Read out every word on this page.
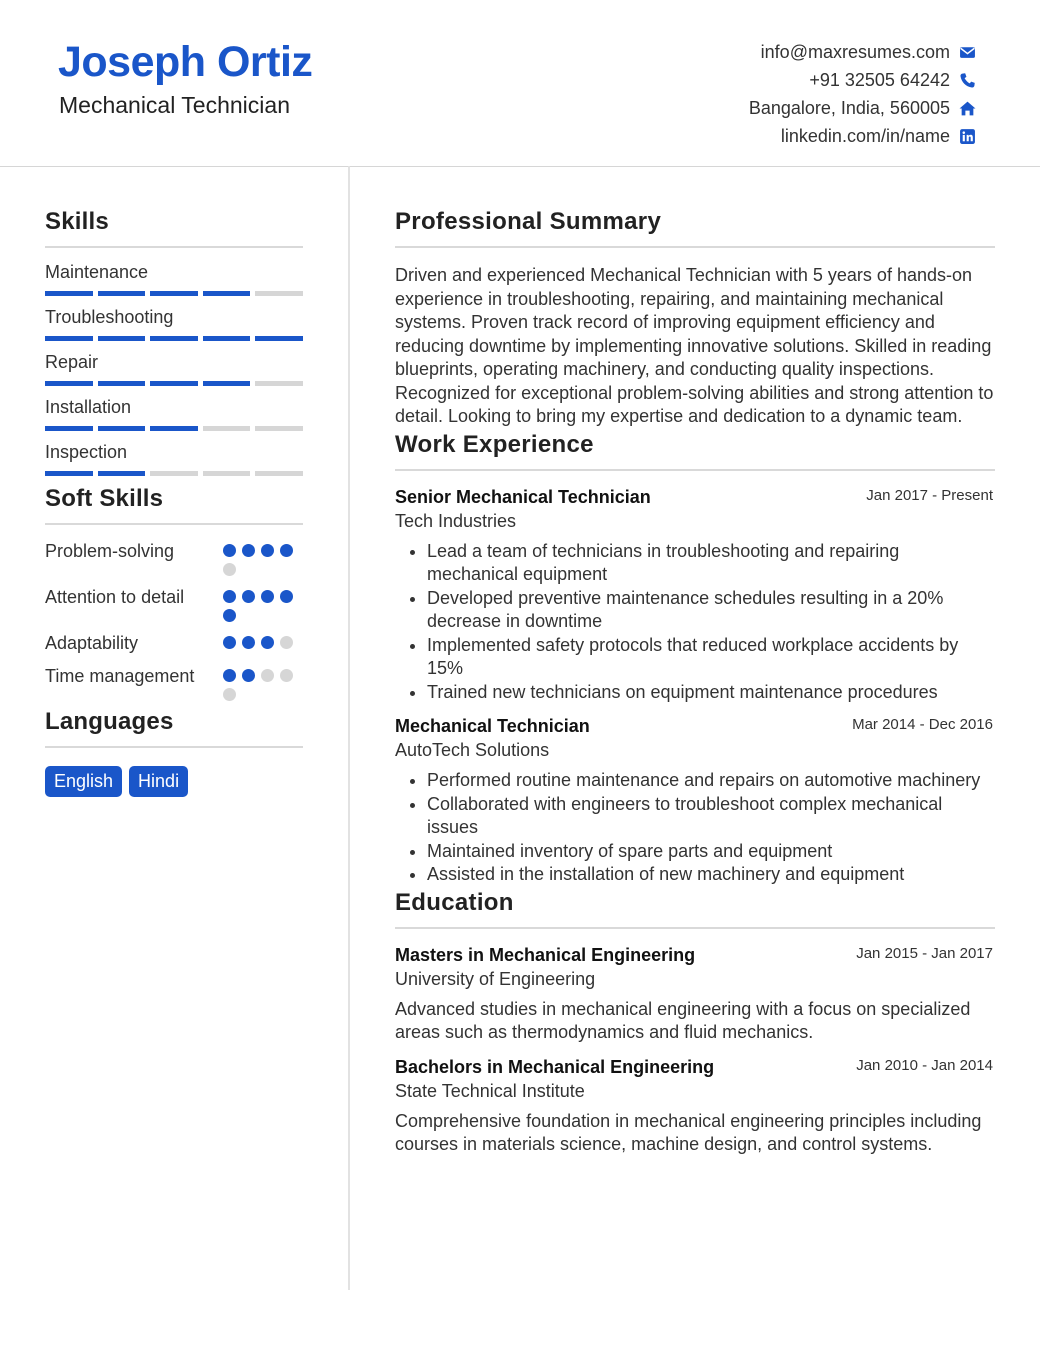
Joseph Ortiz
Mechanical Technician
info@maxresumes.com
+91 32505 64242
Bangalore, India, 560005
linkedin.com/in/name
Skills
Maintenance
Troubleshooting
Repair
Installation
Inspection
Soft Skills
Problem-solving
Attention to detail
Adaptability
Time management
Languages
English	Hindi
Professional Summary

Driven and experienced Mechanical Technician with 5 years of hands-on experience in troubleshooting, repairing, and maintaining mechanical systems. Proven track record of improving equipment efficiency and reducing downtime by implementing innovative solutions. Skilled in reading blueprints, operating machinery, and conducting quality inspections. Recognized for exceptional problem-solving abilities and strong attention to detail. Looking to bring my expertise and dedication to a dynamic team.

Work Experience
Senior Mechanical Technician	Jan 2017 - Present
Tech Industries
• Lead a team of technicians in troubleshooting and repairing mechanical equipment
• Developed preventive maintenance schedules resulting in a 20% decrease in downtime
• Implemented safety protocols that reduced workplace accidents by 15%
• Trained new technicians on equipment maintenance procedures
Mechanical Technician	Mar 2014 - Dec 2016
AutoTech Solutions
• Performed routine maintenance and repairs on automotive machinery
• Collaborated with engineers to troubleshoot complex mechanical issues
• Maintained inventory of spare parts and equipment
• Assisted in the installation of new machinery and equipment
Education
Masters in Mechanical Engineering	Jan 2015 - Jan 2017
University of Engineering

Advanced studies in mechanical engineering with a focus on specialized areas such as thermodynamics and fluid mechanics.

Bachelors in Mechanical Engineering	Jan 2010 - Jan 2014
State Technical Institute

Comprehensive foundation in mechanical engineering principles including courses in materials science, machine design, and control systems.
